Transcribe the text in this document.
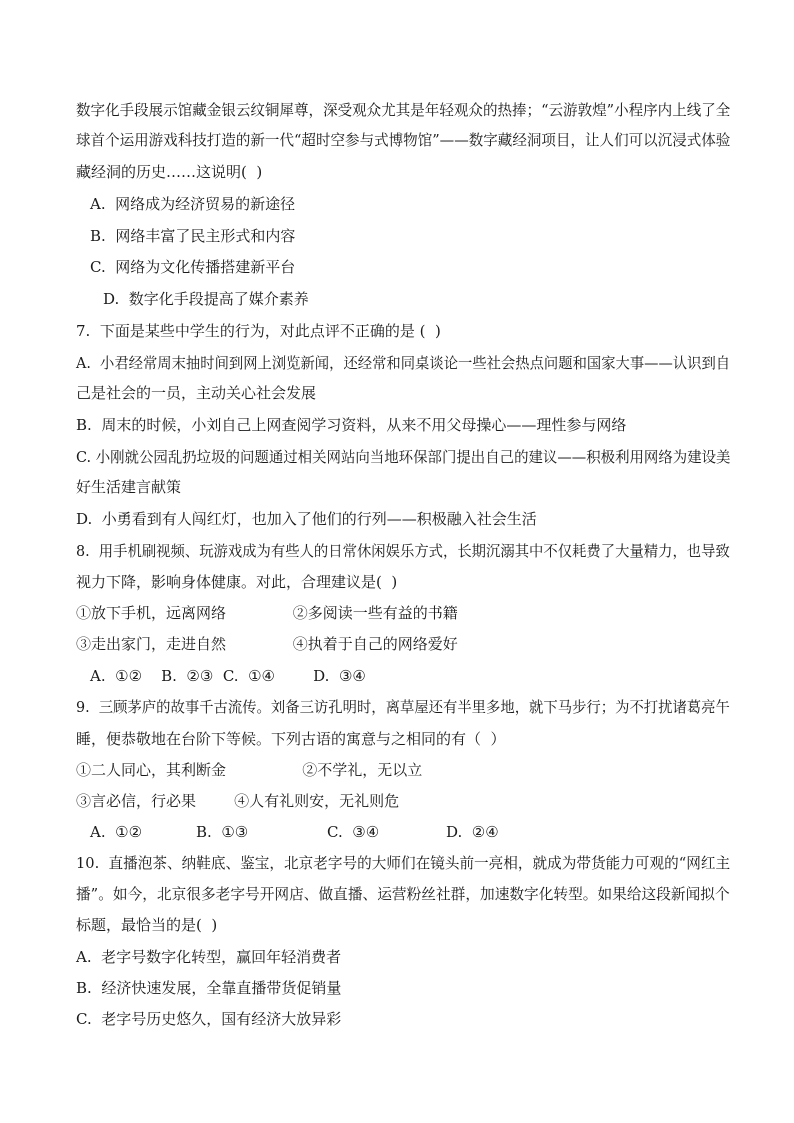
数字化手段展示馆藏金银云纹铜犀尊，深受观众尤其是年轻观众的热捧；“云游敦煌”小程序内上线了全
球首个运用游戏科技打造的新一代“超时空参与式博物馆”——数字藏经洞项目，让人们可以沉浸式体验
藏经洞的历史……这说明(  )
A.  网络成为经济贸易的新途径
B.  网络丰富了民主形式和内容
C.  网络为文化传播搭建新平台
D.  数字化手段提高了媒介素养
7.  下面是某些中学生的行为，对此点评不正确的是 (  )
A.  小君经常周末抽时间到网上浏览新闻，还经常和同桌谈论一些社会热点问题和国家大事——认识到自
己是社会的一员，主动关心社会发展
B.  周末的时候，小刘自己上网查阅学习资料，从来不用父母操心——理性参与网络
C. 小刚就公园乱扔垃圾的问题通过相关网站向当地环保部门提出自己的建议——积极利用网络为建设美
好生活建言献策
D.  小勇看到有人闯红灯，也加入了他们的行列——积极融入社会生活
8.  用手机刷视频、玩游戏成为有些人的日常休闲娱乐方式，长期沉溺其中不仅耗费了大量精力，也导致
视力下降，影响身体健康。对此，合理建议是(  )
①放下手机，远离网络              ②多阅读一些有益的书籍
③走出家门，走进自然              ④执着于自己的网络爱好
A.  ①②    B.  ②③  C.  ①④        D.  ③④
9.  三顾茅庐的故事千古流传。刘备三访孔明时，离草屋还有半里多地，就下马步行；为不打扰诸葛亮午
睡，便恭敬地在台阶下等候。下列古语的寓意与之相同的有（  ）
①二人同心，其利断金                ②不学礼，无以立
③言必信，行必果        ④人有礼则安，无礼则危
A.  ①②	B.  ①③	C.  ③④	D.  ②④
10.  直播泡茶、纳鞋底、鉴宝，北京老字号的大师们在镜头前一亮相，就成为带货能力可观的“网红主
播”。如今，北京很多老字号开网店、做直播、运营粉丝社群，加速数字化转型。如果给这段新闻拟个
标题，最恰当的是(  )
A.  老字号数字化转型，赢回年轻消费者
B.  经济快速发展，全靠直播带货促销量
C.  老字号历史悠久，国有经济大放异彩
